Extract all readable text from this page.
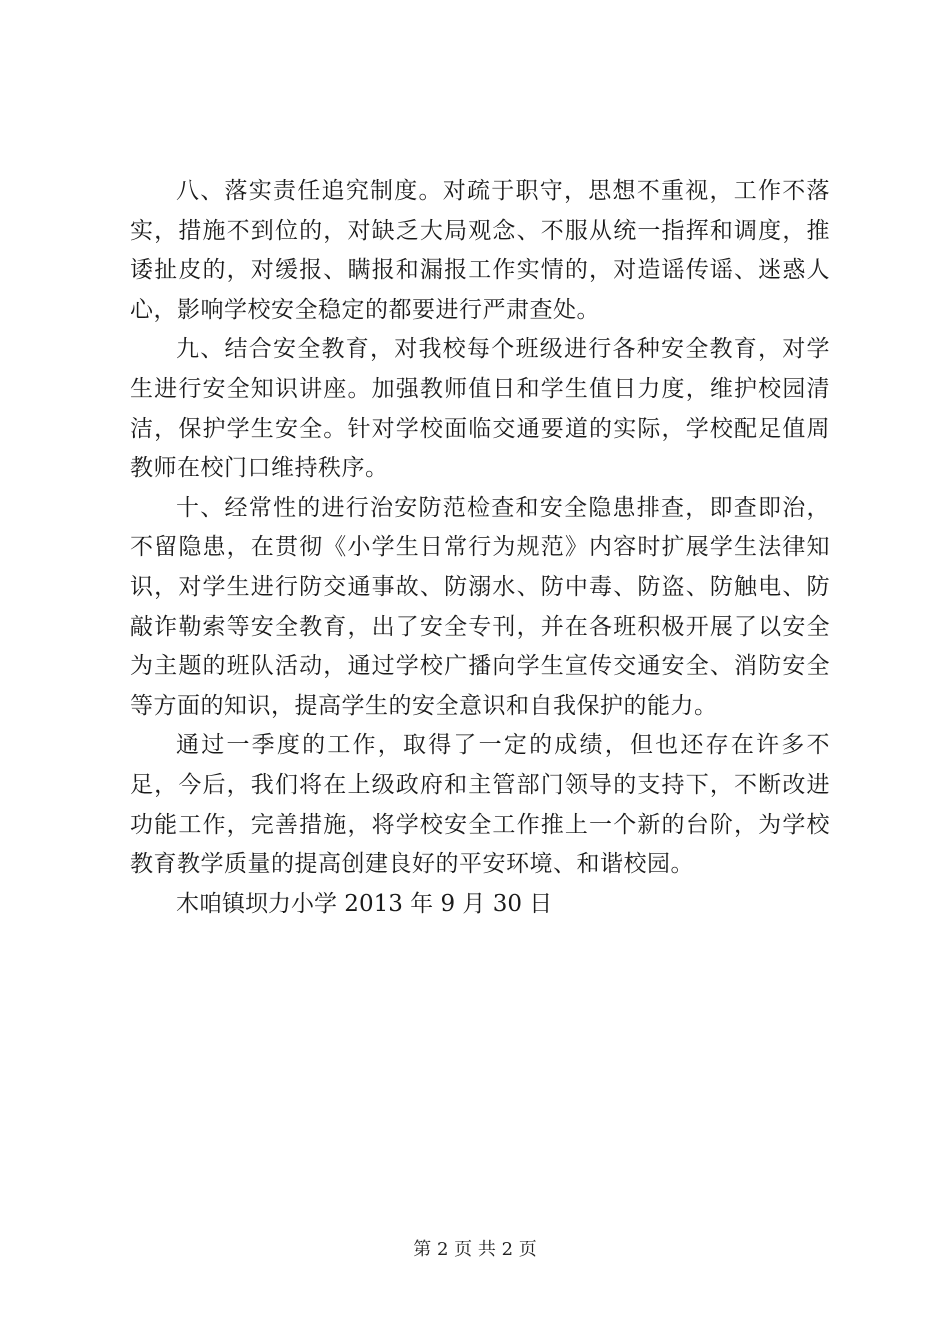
八、落实责任追究制度。对疏于职守，思想不重视，工作不落实，措施不到位的，对缺乏大局观念、不服从统一指挥和调度，推诿扯皮的，对缓报、瞒报和漏报工作实情的，对造谣传谣、迷惑人心，影响学校安全稳定的都要进行严肃查处。

九、结合安全教育，对我校每个班级进行各种安全教育，对学生进行安全知识讲座。加强教师值日和学生值日力度，维护校园清洁，保护学生安全。针对学校面临交通要道的实际，学校配足值周教师在校门口维持秩序。

十、经常性的进行治安防范检查和安全隐患排查，即查即治，不留隐患，在贯彻《小学生日常行为规范》内容时扩展学生法律知识，对学生进行防交通事故、防溺水、防中毒、防盗、防触电、防敲诈勒索等安全教育，出了安全专刊，并在各班积极开展了以安全为主题的班队活动，通过学校广播向学生宣传交通安全、消防安全等方面的知识，提高学生的安全意识和自我保护的能力。

通过一季度的工作，取得了一定的成绩，但也还存在许多不足，今后，我们将在上级政府和主管部门领导的支持下，不断改进功能工作，完善措施，将学校安全工作推上一个新的台阶，为学校教育教学质量的提高创建良好的平安环境、和谐校园。

木咱镇坝力小学 2013 年 9 月 30 日

第 2 页 共 2 页
